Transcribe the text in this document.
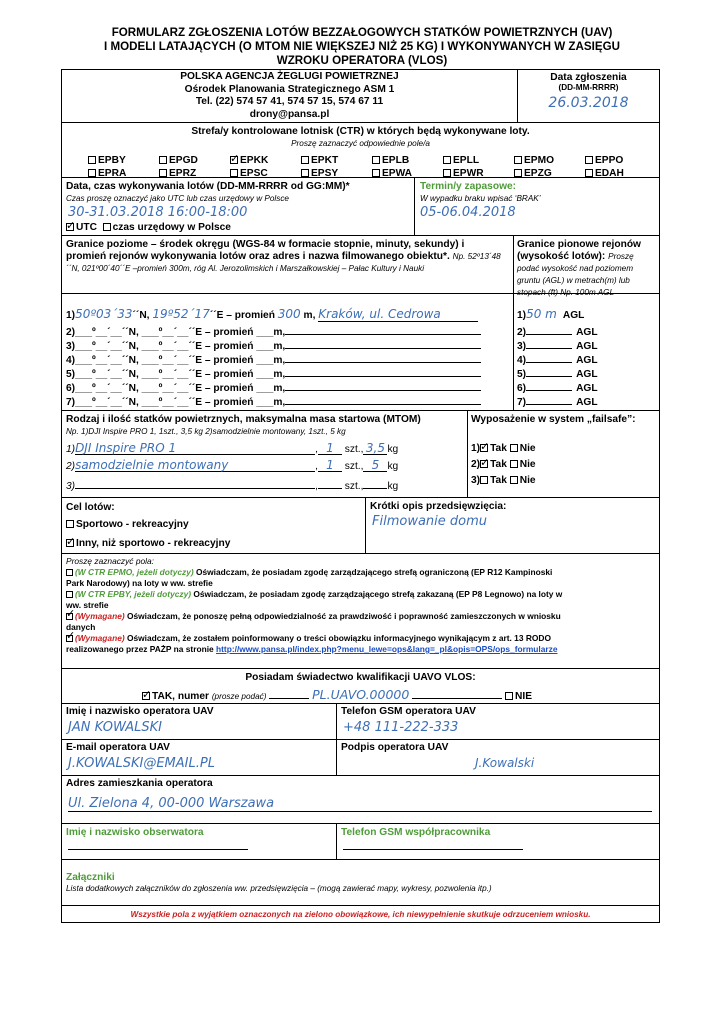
FORMULARZ ZGŁOSZENIA LOTÓW BEZZAŁOGOWYCH STATKÓW POWIETRZNYCH (UAV)
I MODELI LATAJĄCYCH (O MTOM NIE WIĘKSZEJ NIŻ 25 KG) I WYKONYWANYCH W ZASIĘGU
WZROKU OPERATORA (VLOS)
POLSKA AGENCJA ŻEGLUGI POWIETRZNEJ
Ośrodek Planowania Strategicznego ASM 1
Tel. (22) 574 57 41, 574 57 15, 574 67 11
drony@pansa.pl
Data zgłoszenia
(DD-MM-RRRR)
26.03.2018
Strefa/y kontrolowane lotnisk (CTR) w których będą wykonywane loty.
Proszę zaznaczyć odpowiednie pole/a
EPBY	EPGD ✓	EPKK	EPKT	EPLB	EPLL	EPMO	EPPO
EPRA	EPRZ	EPSC	EPSY	EPWA	EPWR	EPZG	EDAH
Data, czas wykonywania lotów (DD-MM-RRRR od GG:MM)*
Czas proszę oznaczyć jako UTC lub czas urzędowy w Polsce
30-31.03.2018 16:00-18:00
✓UTC czas urzędowy w Polsce
Termin/y zapasowe:
W wypadku braku wpisać ‘BRAK’
05-06.04.2018
Granice poziome – środek okręgu (WGS-84 w formacie stopnie, minuty, sekundy) i promień rejonów wykonywania lotów oraz adres i nazwa filmowanego obiektu*. Np. 52º13´48´´N, 021º00´40´´E –promień 300m, róg Al. Jerozolimskich i Marszałkowskiej – Pałac Kultury i Nauki
1)50º03´33´´N, 19º52´17´´E – promień 300 m, Kraków, ul. Cedrowa
2)___º__´__´´N, ___º__´__´´E – promień ___m,
3)___º__´__´´N, ___º__´__´´E – promień ___m,
4)___º__´__´´N, ___º__´__´´E – promień ___m,
5)___º__´__´´N, ___º__´__´´E – promień ___m,
6)___º__´__´´N, ___º__´__´´E – promień ___m,
7)___º__´__´´N, ___º__´__´´E – promień ___m,
Granice pionowe rejonów (wysokość lotów): Proszę podać wysokość nad poziomem gruntu (AGL) w metrach(m) lub stopach (ft) Np. 100m AGL
1)50 m AGL
2)	AGL
3)	AGL
4)	AGL
5)	AGL
6)	AGL
7)	AGL
Rodzaj i ilość statków powietrznych, maksymalna masa startowa (MTOM)
Np. 1)DJI Inspire PRO 1, 1szt., 3,5 kg 2)samodzielnie montowany, 1szt., 5 kg
1)DJI Inspire PRO 1	, 1 szt., 3,5 kg
2)samodzielnie montowany	, 1 szt., 5 kg
3)	,	szt., kg
Wyposażenie w system „failsafe”:
1) ✓ Tak Nie
2) ✓ Tak Nie
3) Tak Nie
Cel lotów:
Sportowo - rekreacyjny
✓Inny, niż sportowo - rekreacyjny
Krótki opis przedsięwzięcia:
Filmowanie domu
Proszę zaznaczyć pola:
(W CTR EPMO, jeżeli dotyczy) Oświadczam, że posiadam zgodę zarządzającego strefą ograniczoną (EP R12 Kampinoski
Park Narodowy) na loty w ww. strefie
(W CTR EPBY, jeżeli dotyczy) Oświadczam, że posiadam zgodę zarządzającego strefą zakazaną (EP P8 Legnowo) na loty w
ww. strefie
✓(Wymagane) Oświadczam, że ponoszę pełną odpowiedzialność za prawdziwość i poprawność zamieszczonych w wniosku
danych
✓(Wymagane) Oświadczam, że zostałem poinformowany o treści obowiązku informacyjnego wynikającym z art. 13 RODO
realizowanego przez PAŻP na stronie http://www.pansa.pl/index.php?menu_lewe=ops&lang=_pl&opis=OPS/ops_formularze
Posiadam świadectwo kwalifikacji UAVO VLOS:
✓TAK, numer (prosze podać)	PL.UAVO.00000	NIE
Imię i nazwisko operatora UAV
JAN KOWALSKI
Telefon GSM operatora UAV
+48 111-222-333
E-mail operatora UAV
J.KOWALSKI@EMAIL.PL
Podpis operatora UAV
J.Kowalski
Adres zamieszkania operatora
Ul. Zielona 4, 00-000 Warszawa
Imię i nazwisko obserwatora	Telefon GSM współpracownika
Załączniki
Lista dodatkowych załączników do zgłoszenia ww. przedsięwzięcia – (mogą zawierać mapy, wykresy, pozwolenia itp.)
Wszystkie pola z wyjątkiem oznaczonych na zielono obowiązkowe, ich niewypełnienie skutkuje odrzuceniem wniosku.
